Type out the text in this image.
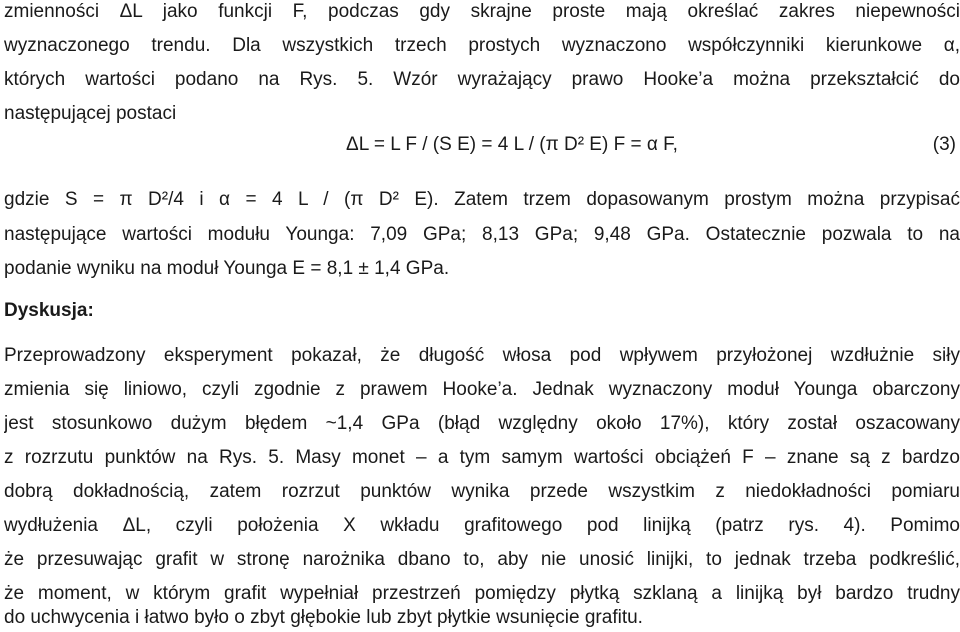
zmienności ΔL jako funkcji F, podczas gdy skrajne proste mają określać zakres niepewności

wyznaczonego trendu. Dla wszystkich trzech prostych wyznaczono współczynniki kierunkowe α,

których wartości podano na Rys. 5. Wzór wyrażający prawo Hooke’a można przekształcić do

następującej postaci

ΔL = L F / (S E) = 4 L / (π D² E) F = α F,	(3)

gdzie S = π D²/4 i α = 4 L / (π D² E). Zatem trzem dopasowanym prostym można przypisać

następujące wartości modułu Younga: 7,09 GPa; 8,13 GPa; 9,48 GPa. Ostatecznie pozwala to na

podanie wyniku na moduł Younga E = 8,1 ± 1,4 GPa.

Dyskusja:

Przeprowadzony eksperyment pokazał, że długość włosa pod wpływem przyłożonej wzdłużnie siły

zmienia się liniowo, czyli zgodnie z prawem Hooke’a. Jednak wyznaczony moduł Younga obarczony

jest stosunkowo dużym błędem ~1,4 GPa (błąd względny około 17%), który został oszacowany

z rozrzutu punktów na Rys. 5. Masy monet – a tym samym wartości obciążeń F – znane są z bardzo

dobrą dokładnością, zatem rozrzut punktów wynika przede wszystkim z niedokładności pomiaru

wydłużenia ΔL, czyli położenia X wkładu grafitowego pod linijką (patrz rys. 4). Pomimo

że przesuwając grafit w stronę narożnika dbano to, aby nie unosić linijki, to jednak trzeba podkreślić,

że moment, w którym grafit wypełniał przestrzeń pomiędzy płytką szklaną a linijką był bardzo trudny

do uchwycenia i łatwo było o zbyt głębokie lub zbyt płytkie wsunięcie grafitu.
